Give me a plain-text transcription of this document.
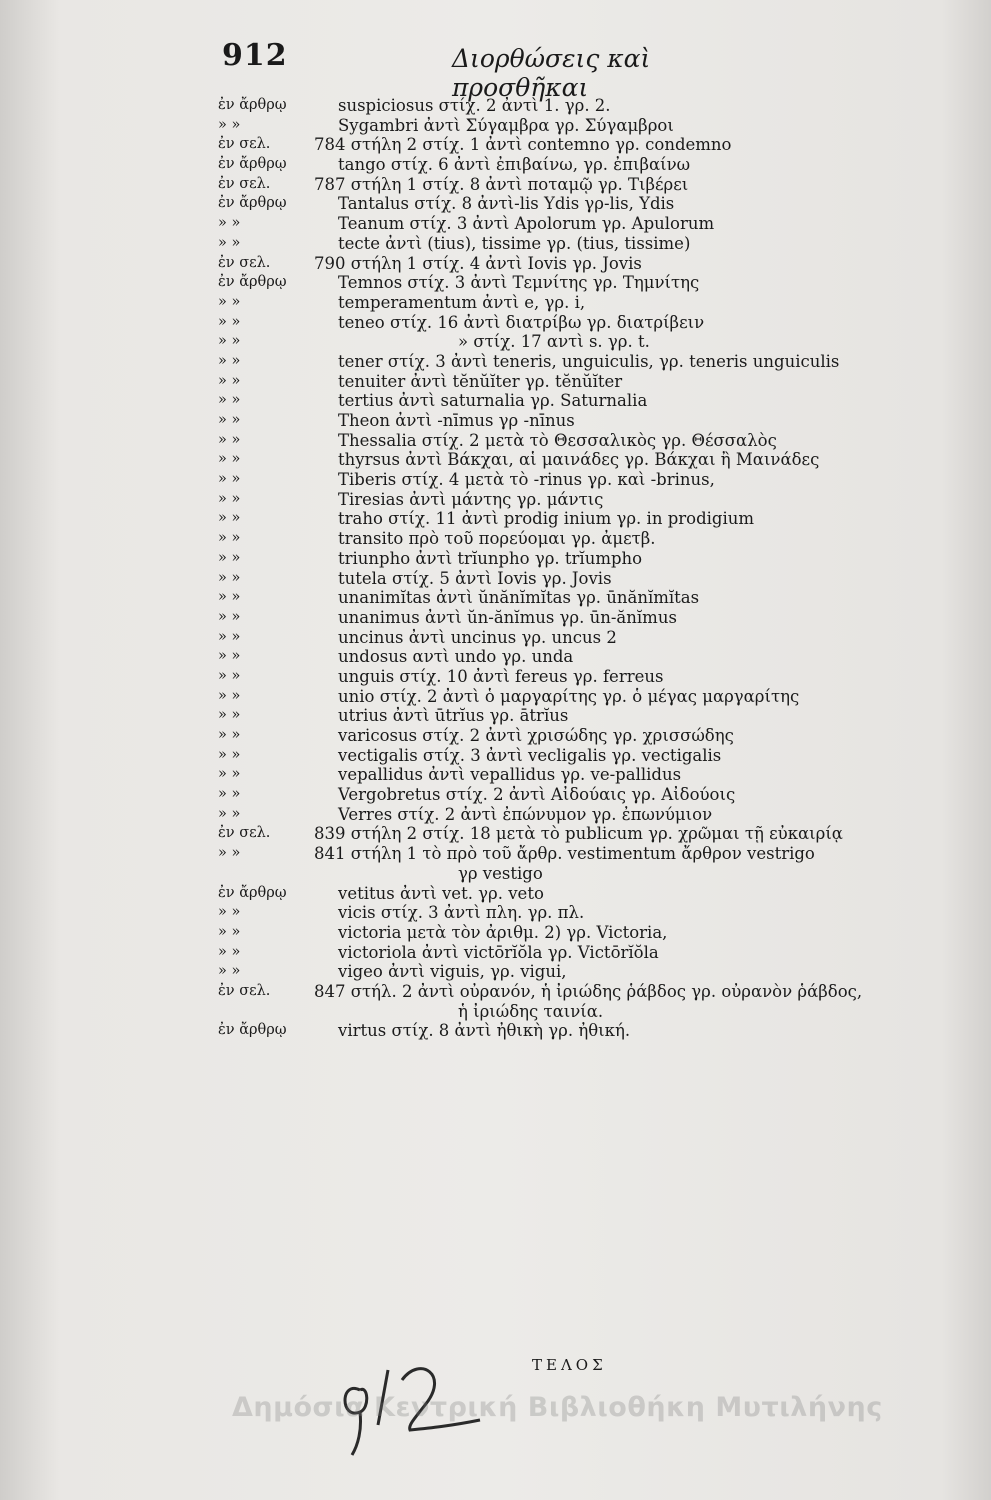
912	Διορθώσεις καὶ προσθῆκαι
ἐν ἄρθρῳ	suspiciosus στίχ. 2 ἀντὶ 1. γρ. 2.
» »	Sygambri ἀντὶ Σύγαμβρα γρ. Σύγαμβροι
ἐν σελ.	784 στήλη 2 στίχ. 1 ἀντὶ contemno γρ. condemno
ἐν ἄρθρῳ	tango στίχ. 6 ἀντὶ ἐπιβαίνω, γρ. ἐπιβαίνω
ἐν σελ.	787 στήλη 1 στίχ. 8 ἀντὶ ποταμῷ γρ. Τιβέρει
ἐν ἄρθρῳ	Tantalus στίχ. 8 ἀντὶ-lis Ydis γρ-lis, Ydis
» »	Teanum στίχ. 3 ἀντὶ Apolorum γρ. Apulorum
» »	tecte ἀντὶ (tius), tissime γρ. (tius, tissime)
ἐν σελ.	790 στήλη 1 στίχ. 4 ἀντὶ Iovis γρ. Jovis
ἐν ἄρθρῳ	Temnos στίχ. 3 ἀντὶ Τεμνίτης γρ. Τημνίτης
» »	temperamentum ἀντὶ e, γρ. i,
» »	teneo στίχ. 16 ἀντὶ διατρίβω γρ. διατρίβειν
» »	» στίχ. 17 αντὶ s. γρ. t.
» »	tener στίχ. 3 ἀντὶ teneris, unguiculis, γρ. teneris unguiculis
» »	tenuiter ἀντὶ tĕnŭĭter γρ. tĕnŭĭter
» »	tertius ἀντὶ saturnalia γρ. Saturnalia
» »	Theon ἀντὶ -nīmus γρ -nīnus
» »	Thessalia στίχ. 2 μετὰ τὸ Θεσσαλικὸς γρ. Θέσσαλὸς
» »	thyrsus ἀντὶ Βάκχαι, αἱ μαινάδες γρ. Βάκχαι ἢ Μαινάδες
» »	Tiberis στίχ. 4 μετὰ τὸ -rinus γρ. καὶ -brinus,
» »	Tiresias ἀντὶ μάντης γρ. μάντις
» »	traho στίχ. 11 ἀντὶ prodig inium γρ. in prodigium
» »	transito πρὸ τοῦ πορεύομαι γρ. ἀμετβ.
» »	triunpho ἀντὶ trĭunpho γρ. trĭumpho
» »	tutela στίχ. 5 ἀντὶ Iovis γρ. Jovis
» »	unanimĭtas ἀντὶ ŭnănĭmĭtas γρ. ūnănĭmĭtas
» »	unanimus ἀντὶ ŭn-ănĭmus γρ. ūn-ănĭmus
» »	uncinus ἀντὶ uncinus γρ. uncus 2
» »	undosus αντὶ undo γρ. unda
» »	unguis στίχ. 10 ἀντὶ fereus γρ. ferreus
» »	unio στίχ. 2 ἀντὶ ὁ μαργαρίτης γρ. ὁ μέγας μαργαρίτης
» »	utrius ἀντὶ ūtrĭus γρ. ātrĭus
» »	varicosus στίχ. 2 ἀντὶ χρισώδης γρ. χρισσώδης
» »	vectigalis στίχ. 3 ἀντὶ vecligalis γρ. vectigalis
» »	vepallidus ἀντὶ vepallidus γρ. ve-pallidus
» »	Vergobretus στίχ. 2 ἀντὶ Αἰδούαις γρ. Αἰδούοις
» »	Verres στίχ. 2 ἀντὶ ἐπώνυμον γρ. ἐπωνύμιον
ἐν σελ.	839 στήλη 2 στίχ. 18 μετὰ τὸ publicum γρ. χρῶμαι τῇ εὐκαιρίᾳ
» »	841 στήλη 1 τὸ πρὸ τοῦ ἄρθρ. vestimentum ἄρθρον vestrigo
γρ vestigo
ἐν ἄρθρῳ	vetitus ἀντὶ vet. γρ. veto
» »	vicis στίχ. 3 ἀντὶ πλη. γρ. πλ.
» »	victoria μετὰ τὸν ἀριθμ. 2) γρ. Victoria,
» »	victoriola ἀντὶ victōrĭŏla γρ. Victōrĭŏla
» »	vigeo ἀντὶ viguis, γρ. vigui,
ἐν σελ.	847 στήλ. 2 ἀντὶ οὐρανόν, ἡ ἰριώδης ῥάβδος γρ. οὐρανὸν ῥάβδος,
ἡ ἰριώδης ταινία.
ἐν ἄρθρῳ	virtus στίχ. 8 ἀντὶ ἠθικὴ γρ. ἠθική.
ΤΕΛΟΣ
Δημόσια Κεντρική Βιβλιοθήκη Μυτιλήνης
